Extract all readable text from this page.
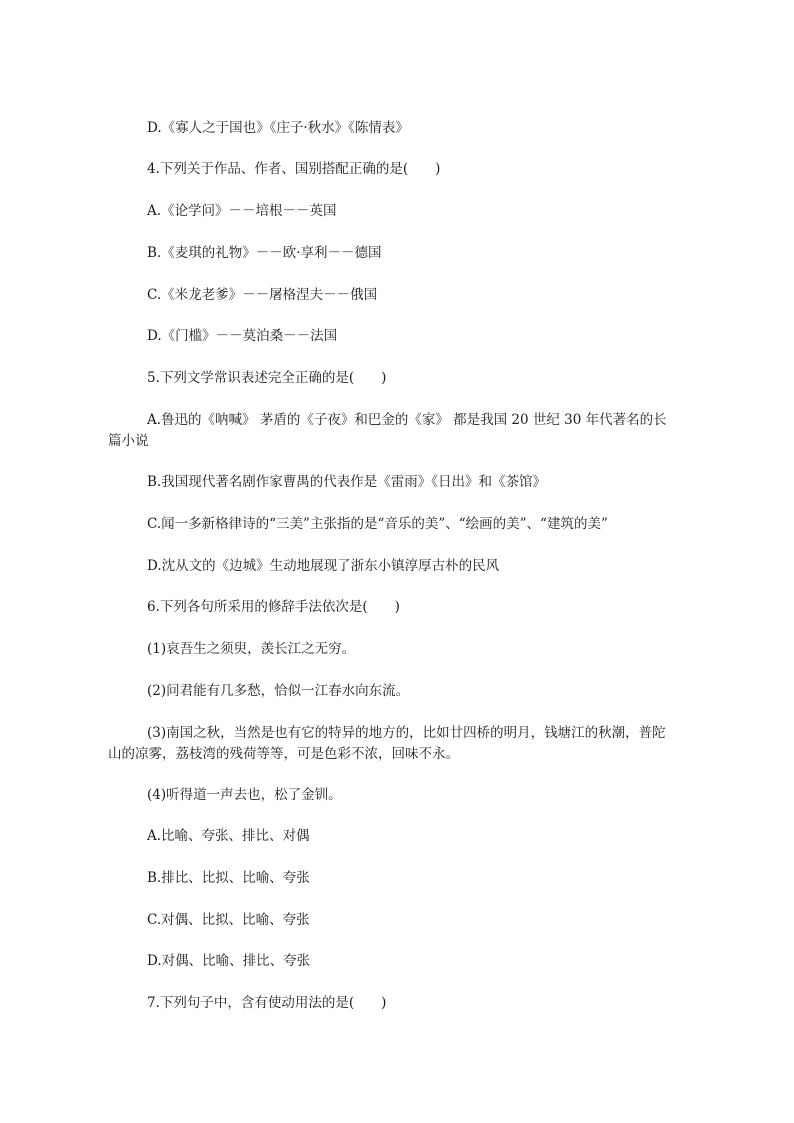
D.《寡人之于国也》《庄子·秋水》《陈情表》
4.下列关于作品、作者、国别搭配正确的是(　　)
A.《论学问》－－培根－－英国
B.《麦琪的礼物》－－欧·享利－－德国
C.《米龙老爹》－－屠格涅夫－－俄国
D.《门槛》－－莫泊桑－－法国
5.下列文学常识表述完全正确的是(　　)
A.鲁迅的《呐喊》 茅盾的《子夜》和巴金的《家》 都是我国 20 世纪 30 年代著名的长篇小说
B.我国现代著名剧作家曹禺的代表作是《雷雨》《日出》和《茶馆》
C.闻一多新格律诗的“三美”主张指的是“音乐的美”、“绘画的美”、“建筑的美”
D.沈从文的《边城》生动地展现了浙东小镇淳厚古朴的民风
6.下列各句所采用的修辞手法依次是(　　)
(1)哀吾生之须臾，羡长江之无穷。
(2)问君能有几多愁，恰似一江春水向东流。
(3)南国之秋，当然是也有它的特异的地方的，比如廿四桥的明月，钱塘江的秋潮，普陀山的凉雾，荔枝湾的残荷等等，可是色彩不浓，回味不永。
(4)听得道一声去也，松了金钏。
A.比喻、夸张、排比、对偶
B.排比、比拟、比喻、夸张
C.对偶、比拟、比喻、夸张
D.对偶、比喻、排比、夸张
7.下列句子中，含有使动用法的是(　　)
